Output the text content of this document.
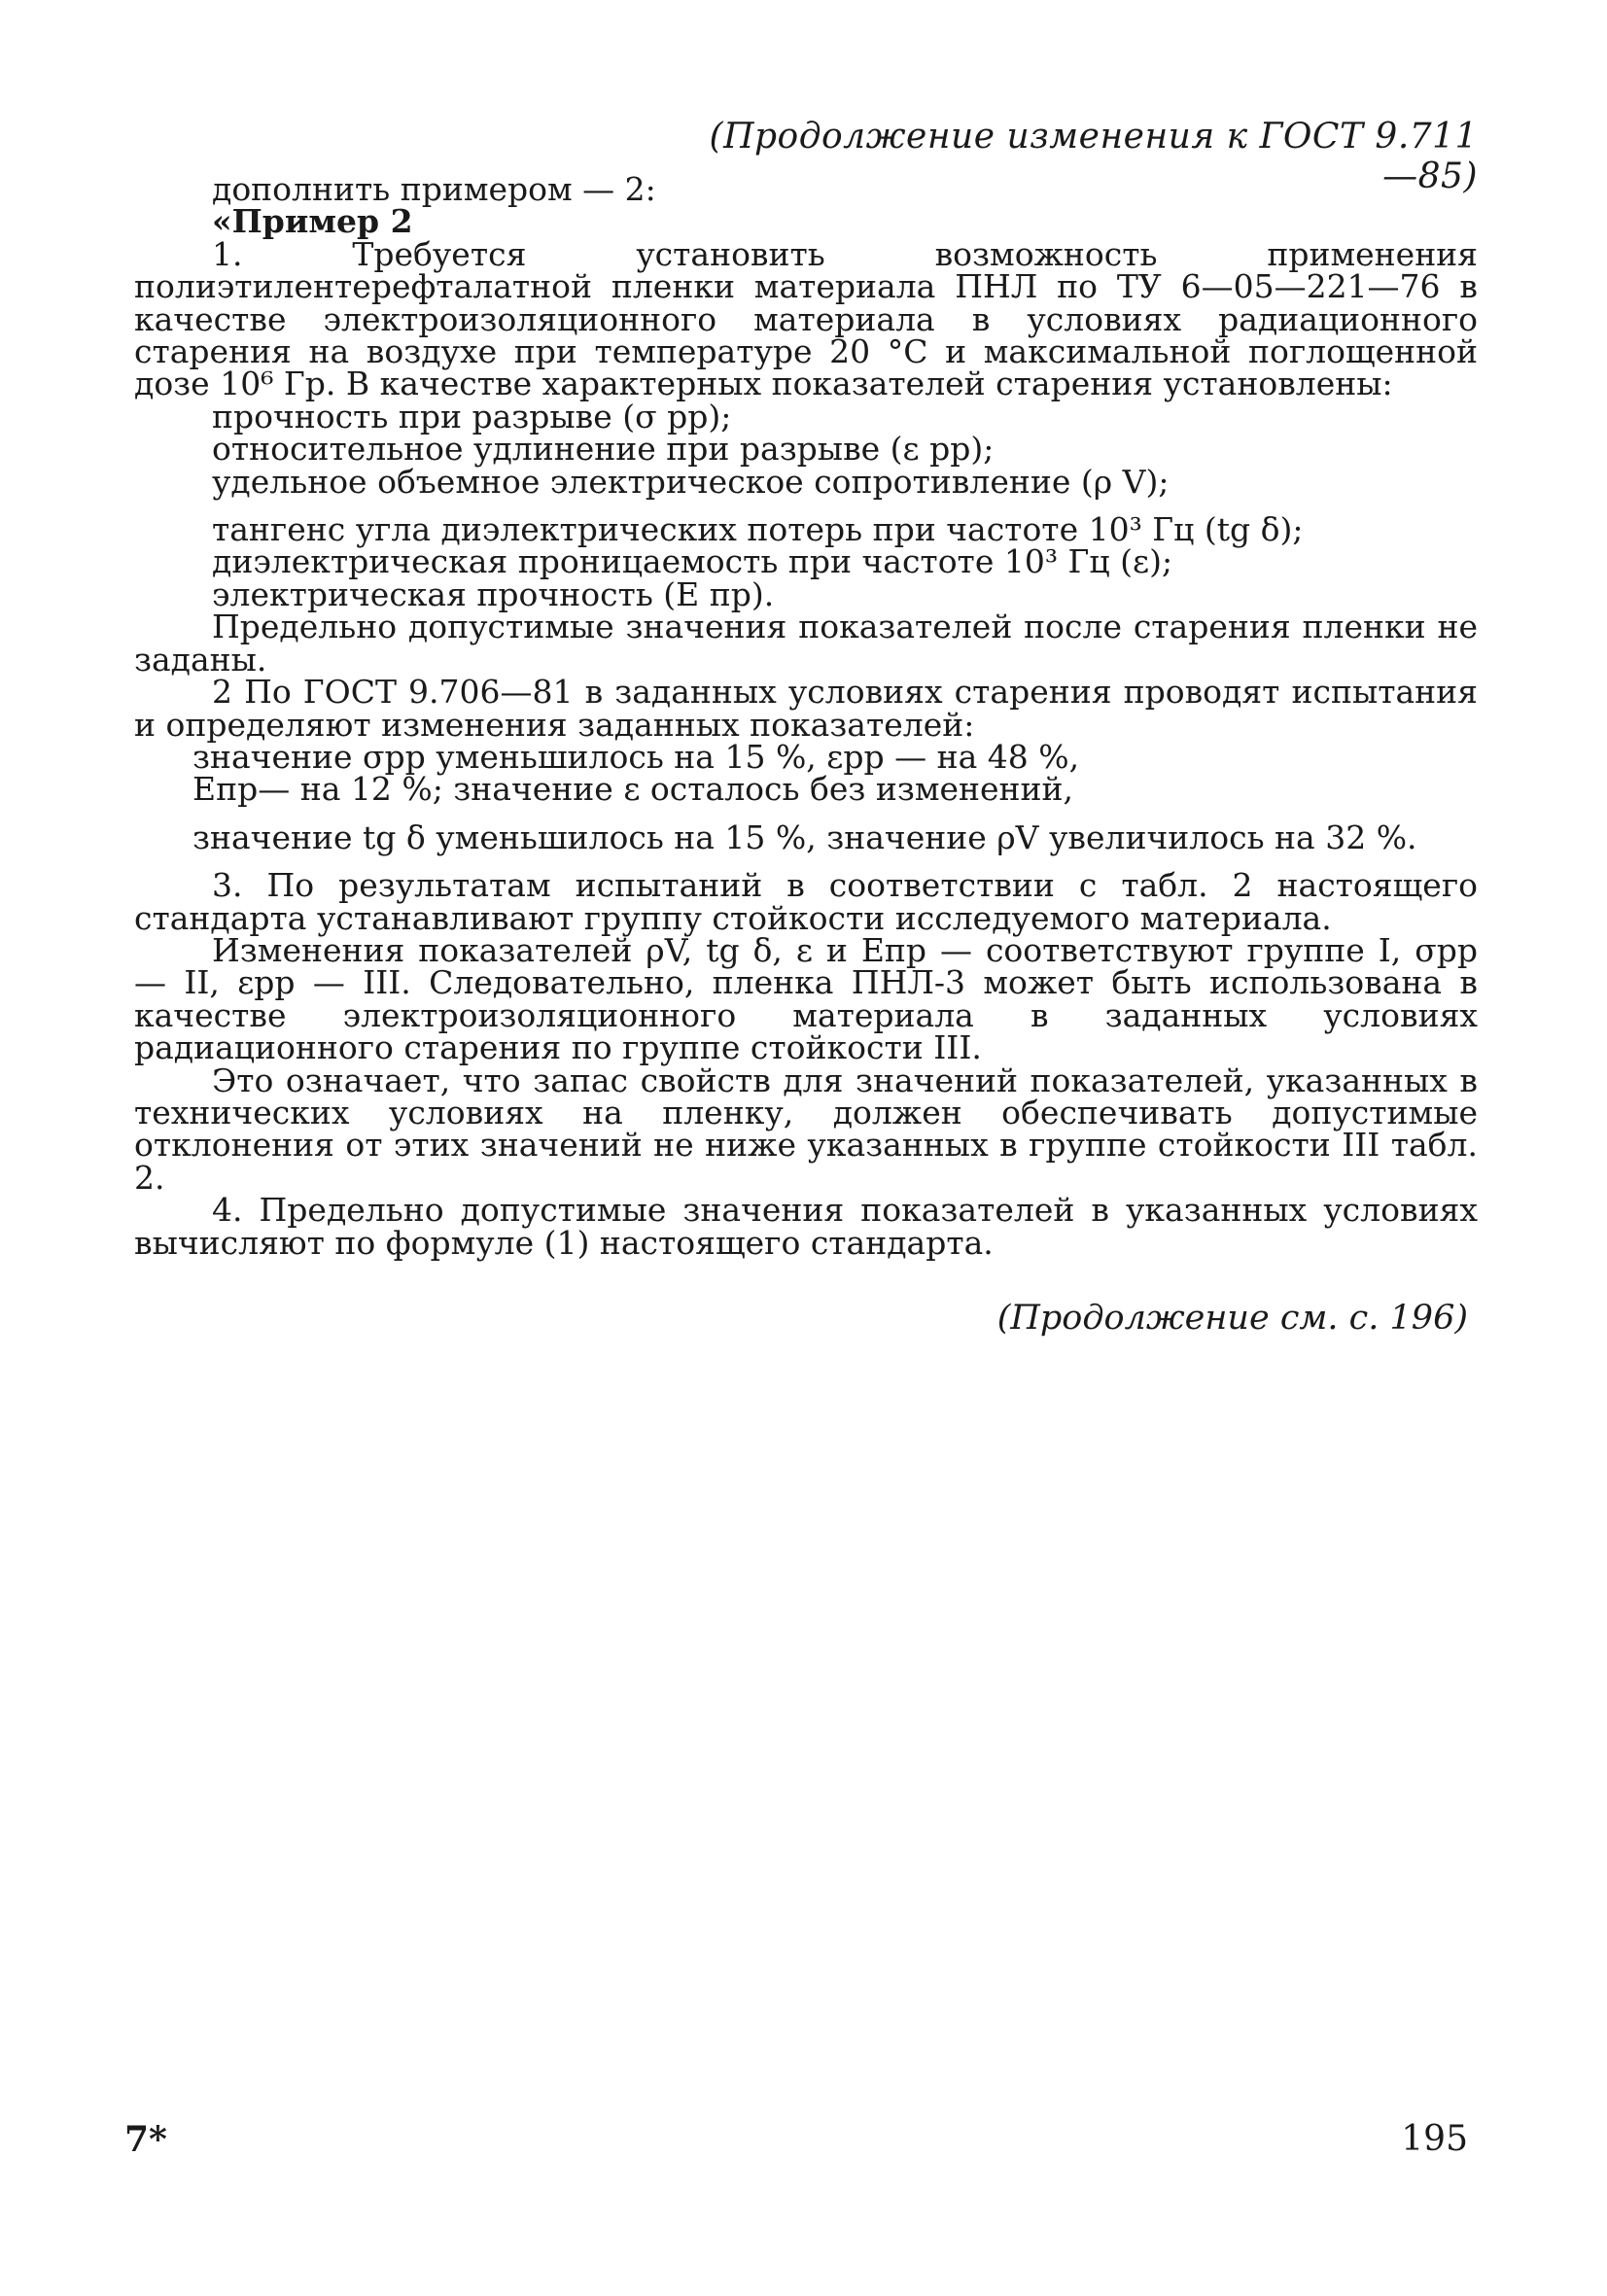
(Продолжение изменения к ГОСТ 9.711—85)

дополнить примером — 2:

«Пример 2

1. Требуется установить возможность применения полиэтилентерефталатной пленки материала ПНЛ по ТУ 6—05—221—76 в качестве электроизоляционного материала в условиях радиационного старения на воздухе при температуре 20 °С и максимальной поглощенной дозе 10⁶ Гр. В качестве характерных показателей старения установлены:

прочность при разрыве (σ рр);

относительное удлинение при разрыве (ε рр);

удельное объемное электрическое сопротивление (ρ V);

тангенс угла диэлектрических потерь при частоте 10³ Гц (tg δ);

диэлектрическая проницаемость при частоте 10³ Гц (ε);

электрическая прочность (E пр).

Предельно допустимые значения показателей после старения пленки не заданы.

2 По ГОСТ 9.706—81 в заданных условиях старения проводят испытания и определяют изменения заданных показателей:

значение σрр уменьшилось на 15 %, εрр — на 48 %,

Eпр— на 12 %; значение ε осталось без изменений,

значение tg δ уменьшилось на 15 %, значение ρV увеличилось на 32 %.

3. По результатам испытаний в соответствии с табл. 2 настоящего стандарта устанавливают группу стойкости исследуемого материала.

Изменения показателей ρV, tg δ, ε и Eпр — соответствуют группе I, σрр — II, εрр — III. Следовательно, пленка ПНЛ-3 может быть использована в качестве электроизоляционного материала в заданных условиях радиационного старения по группе стойкости III.

Это означает, что запас свойств для значений показателей, указанных в технических условиях на пленку, должен обеспечивать допустимые отклонения от этих значений не ниже указанных в группе стойкости III табл. 2.

4. Предельно допустимые значения показателей в указанных условиях вычисляют по формуле (1) настоящего стандарта.

(Продолжение см. с. 196)
7*	195
